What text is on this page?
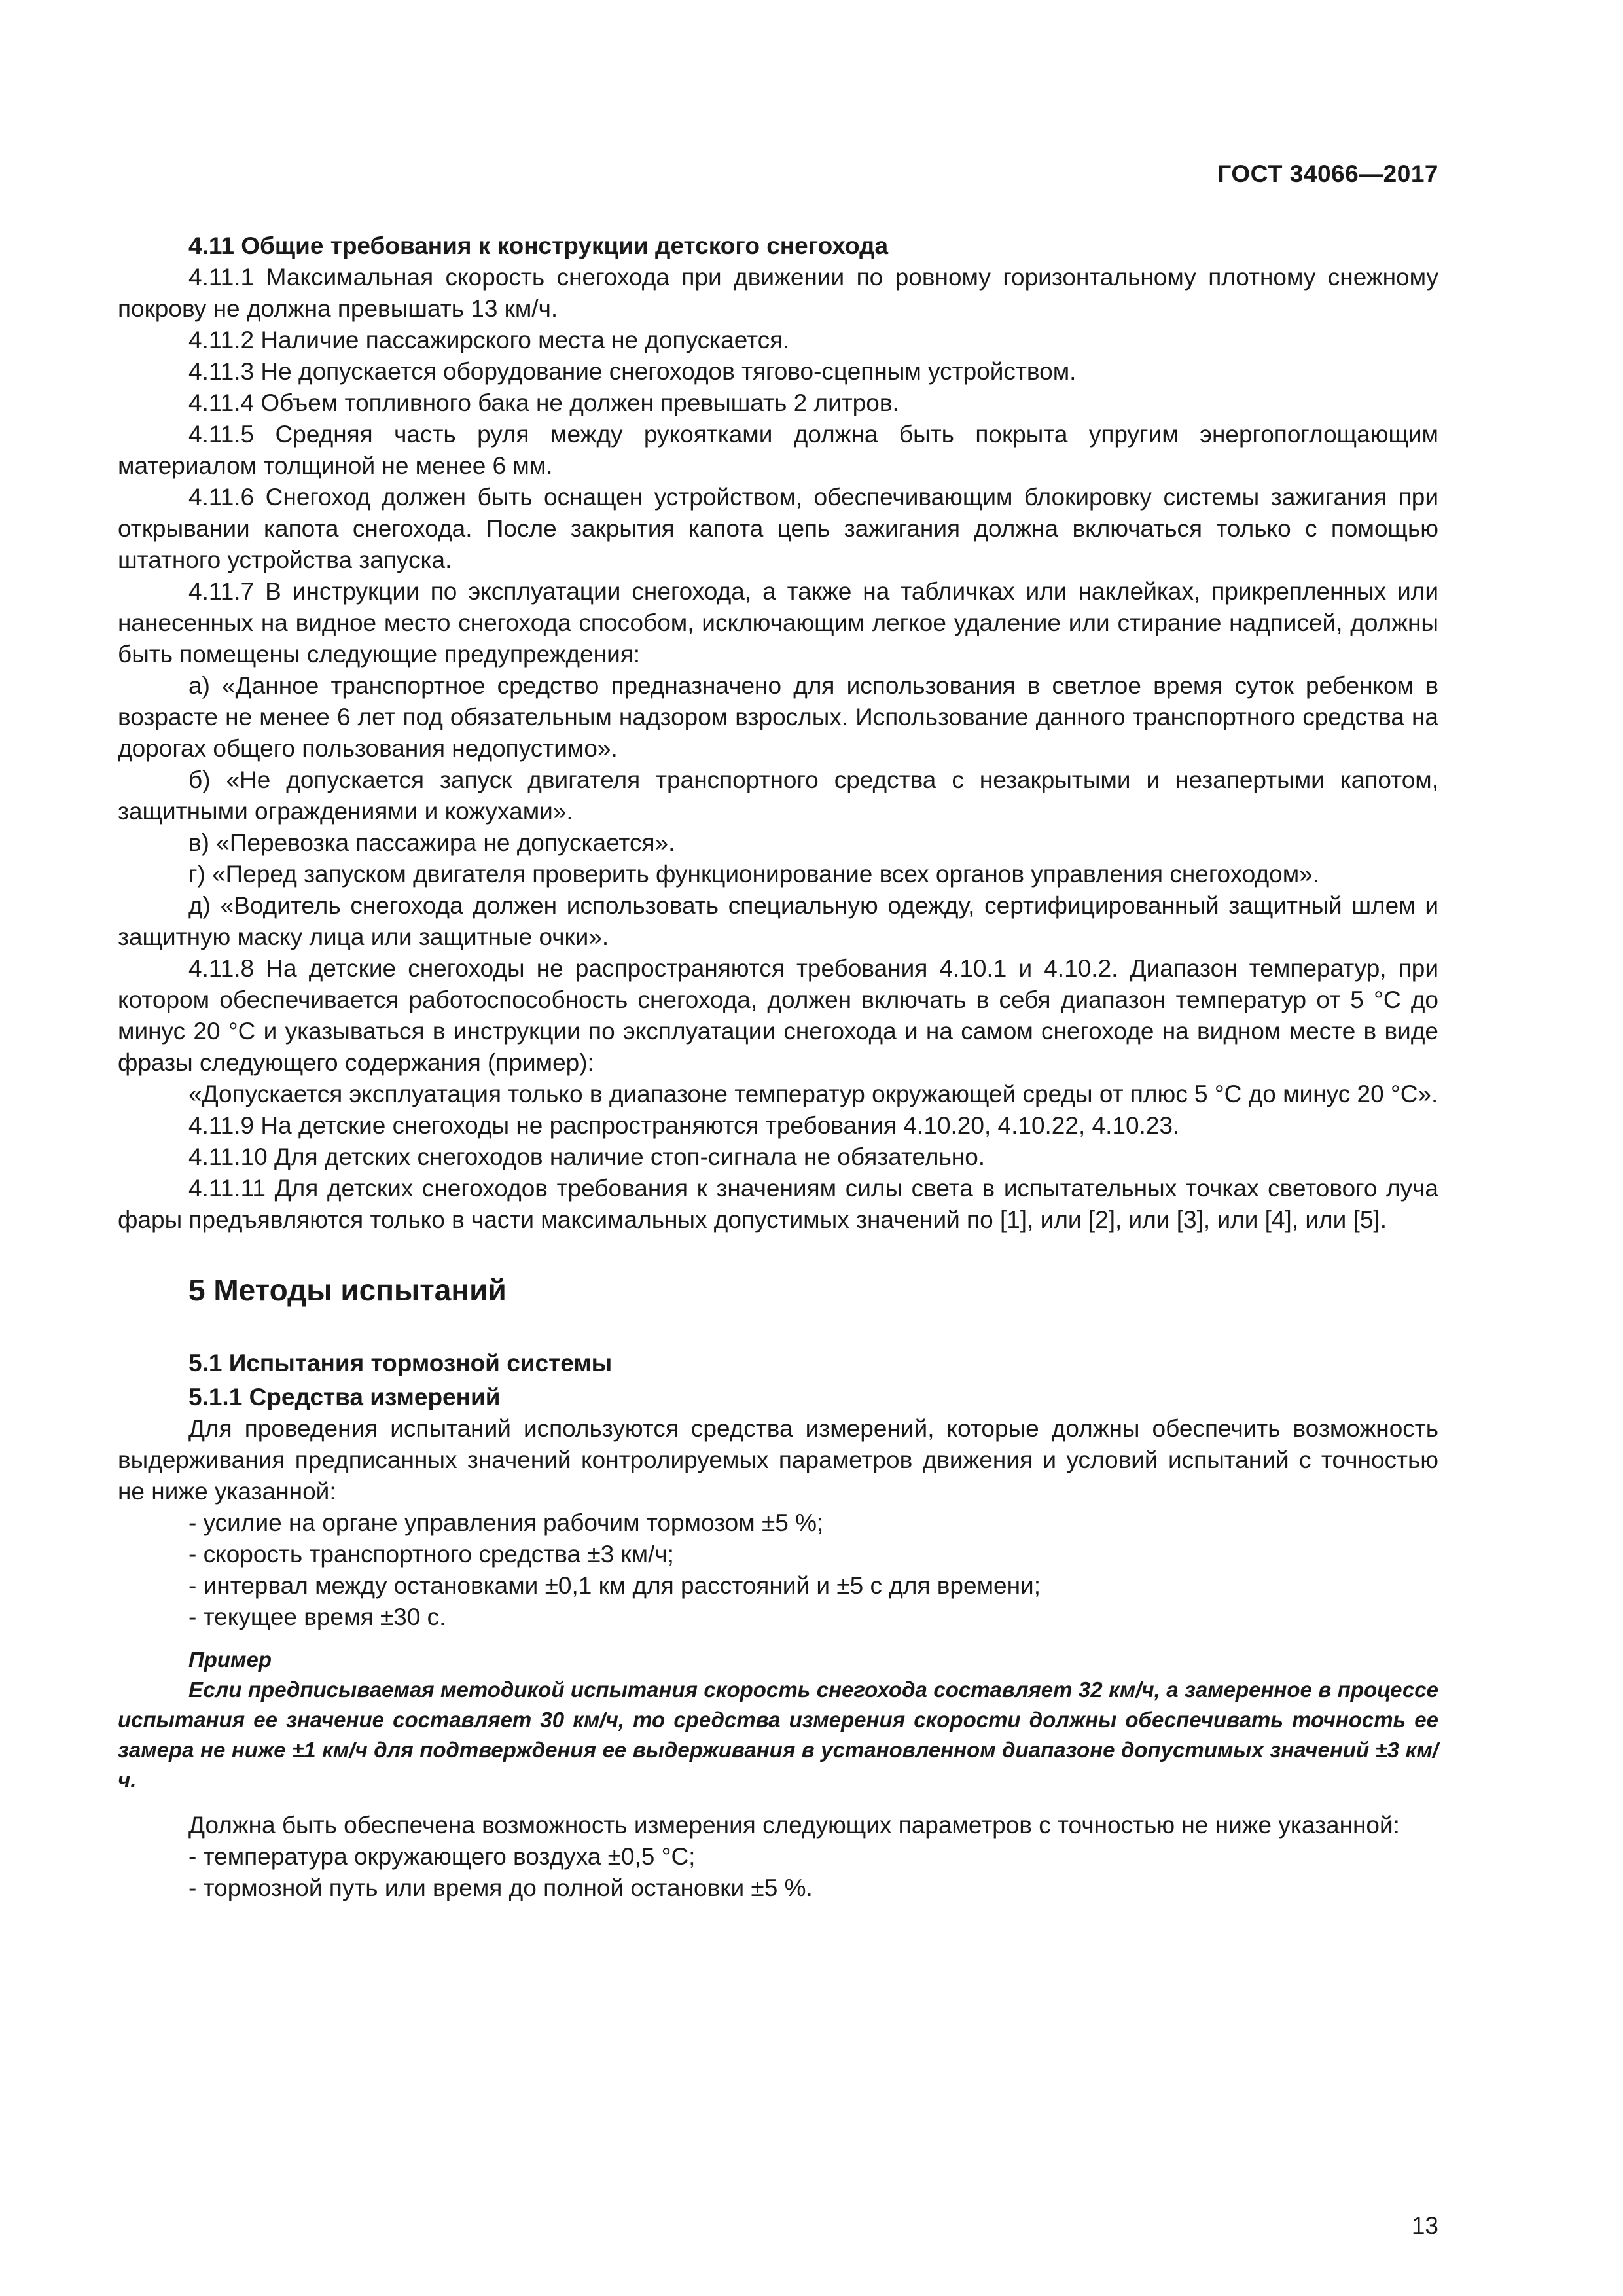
ГОСТ 34066—2017
4.11 Общие требования к конструкции детского снегохода

4.11.1 Максимальная скорость снегохода при движении по ровному горизонтальному плотному снежному покрову не должна превышать 13 км/ч.

4.11.2 Наличие пассажирского места не допускается.

4.11.3 Не допускается оборудование снегоходов тягово-сцепным устройством.

4.11.4 Объем топливного бака не должен превышать 2 литров.

4.11.5 Средняя часть руля между рукоятками должна быть покрыта упругим энергопоглощающим материалом толщиной не менее 6 мм.

4.11.6 Снегоход должен быть оснащен устройством, обеспечивающим блокировку системы зажигания при открывании капота снегохода. После закрытия капота цепь зажигания должна включаться только с помощью штатного устройства запуска.

4.11.7 В инструкции по эксплуатации снегохода, а также на табличках или наклейках, прикрепленных или нанесенных на видное место снегохода способом, исключающим легкое удаление или стирание надписей, должны быть помещены следующие предупреждения:

а) «Данное транспортное средство предназначено для использования в светлое время суток ребенком в возрасте не менее 6 лет под обязательным надзором взрослых. Использование данного транспортного средства на дорогах общего пользования недопустимо».

б) «Не допускается запуск двигателя транспортного средства с незакрытыми и незапертыми капотом, защитными ограждениями и кожухами».

в) «Перевозка пассажира не допускается».

г) «Перед запуском двигателя проверить функционирование всех органов управления снегоходом».

д) «Водитель снегохода должен использовать специальную одежду, сертифицированный защитный шлем и защитную маску лица или защитные очки».

4.11.8 На детские снегоходы не распространяются требования 4.10.1 и 4.10.2. Диапазон температур, при котором обеспечивается работоспособность снегохода, должен включать в себя диапазон температур от 5 °С до минус 20 °С и указываться в инструкции по эксплуатации снегохода и на самом снегоходе на видном месте в виде фразы следующего содержания (пример):

«Допускается эксплуатация только в диапазоне температур окружающей среды от плюс 5 °С до минус 20 °С».

4.11.9 На детские снегоходы не распространяются требования 4.10.20, 4.10.22, 4.10.23.

4.11.10 Для детских снегоходов наличие стоп-сигнала не обязательно.

4.11.11 Для детских снегоходов требования к значениям силы света в испытательных точках светового луча фары предъявляются только в части максимальных допустимых значений по [1], или [2], или [3], или [4], или [5].

5 Методы испытаний
5.1 Испытания тормозной системы
5.1.1 Средства измерений

Для проведения испытаний используются средства измерений, которые должны обеспечить возможность выдерживания предписанных значений контролируемых параметров движения и условий испытаний с точностью не ниже указанной:

- усилие на органе управления рабочим тормозом ±5 %;

- скорость транспортного средства ±3 км/ч;

- интервал между остановками ±0,1 км для расстояний и ±5 с для времени;

- текущее время ±30 с.

Пример

Если предписываемая методикой испытания скорость снегохода составляет 32 км/ч, а замеренное в процессе испытания ее значение составляет 30 км/ч, то средства измерения скорости должны обеспечивать точность ее замера не ниже ±1 км/ч для подтверждения ее выдерживания в установленном диапазоне допустимых значений ±3 км/ч.

Должна быть обеспечена возможность измерения следующих параметров с точностью не ниже указанной:

- температура окружающего воздуха ±0,5 °С;

- тормозной путь или время до полной остановки ±5 %.

13
